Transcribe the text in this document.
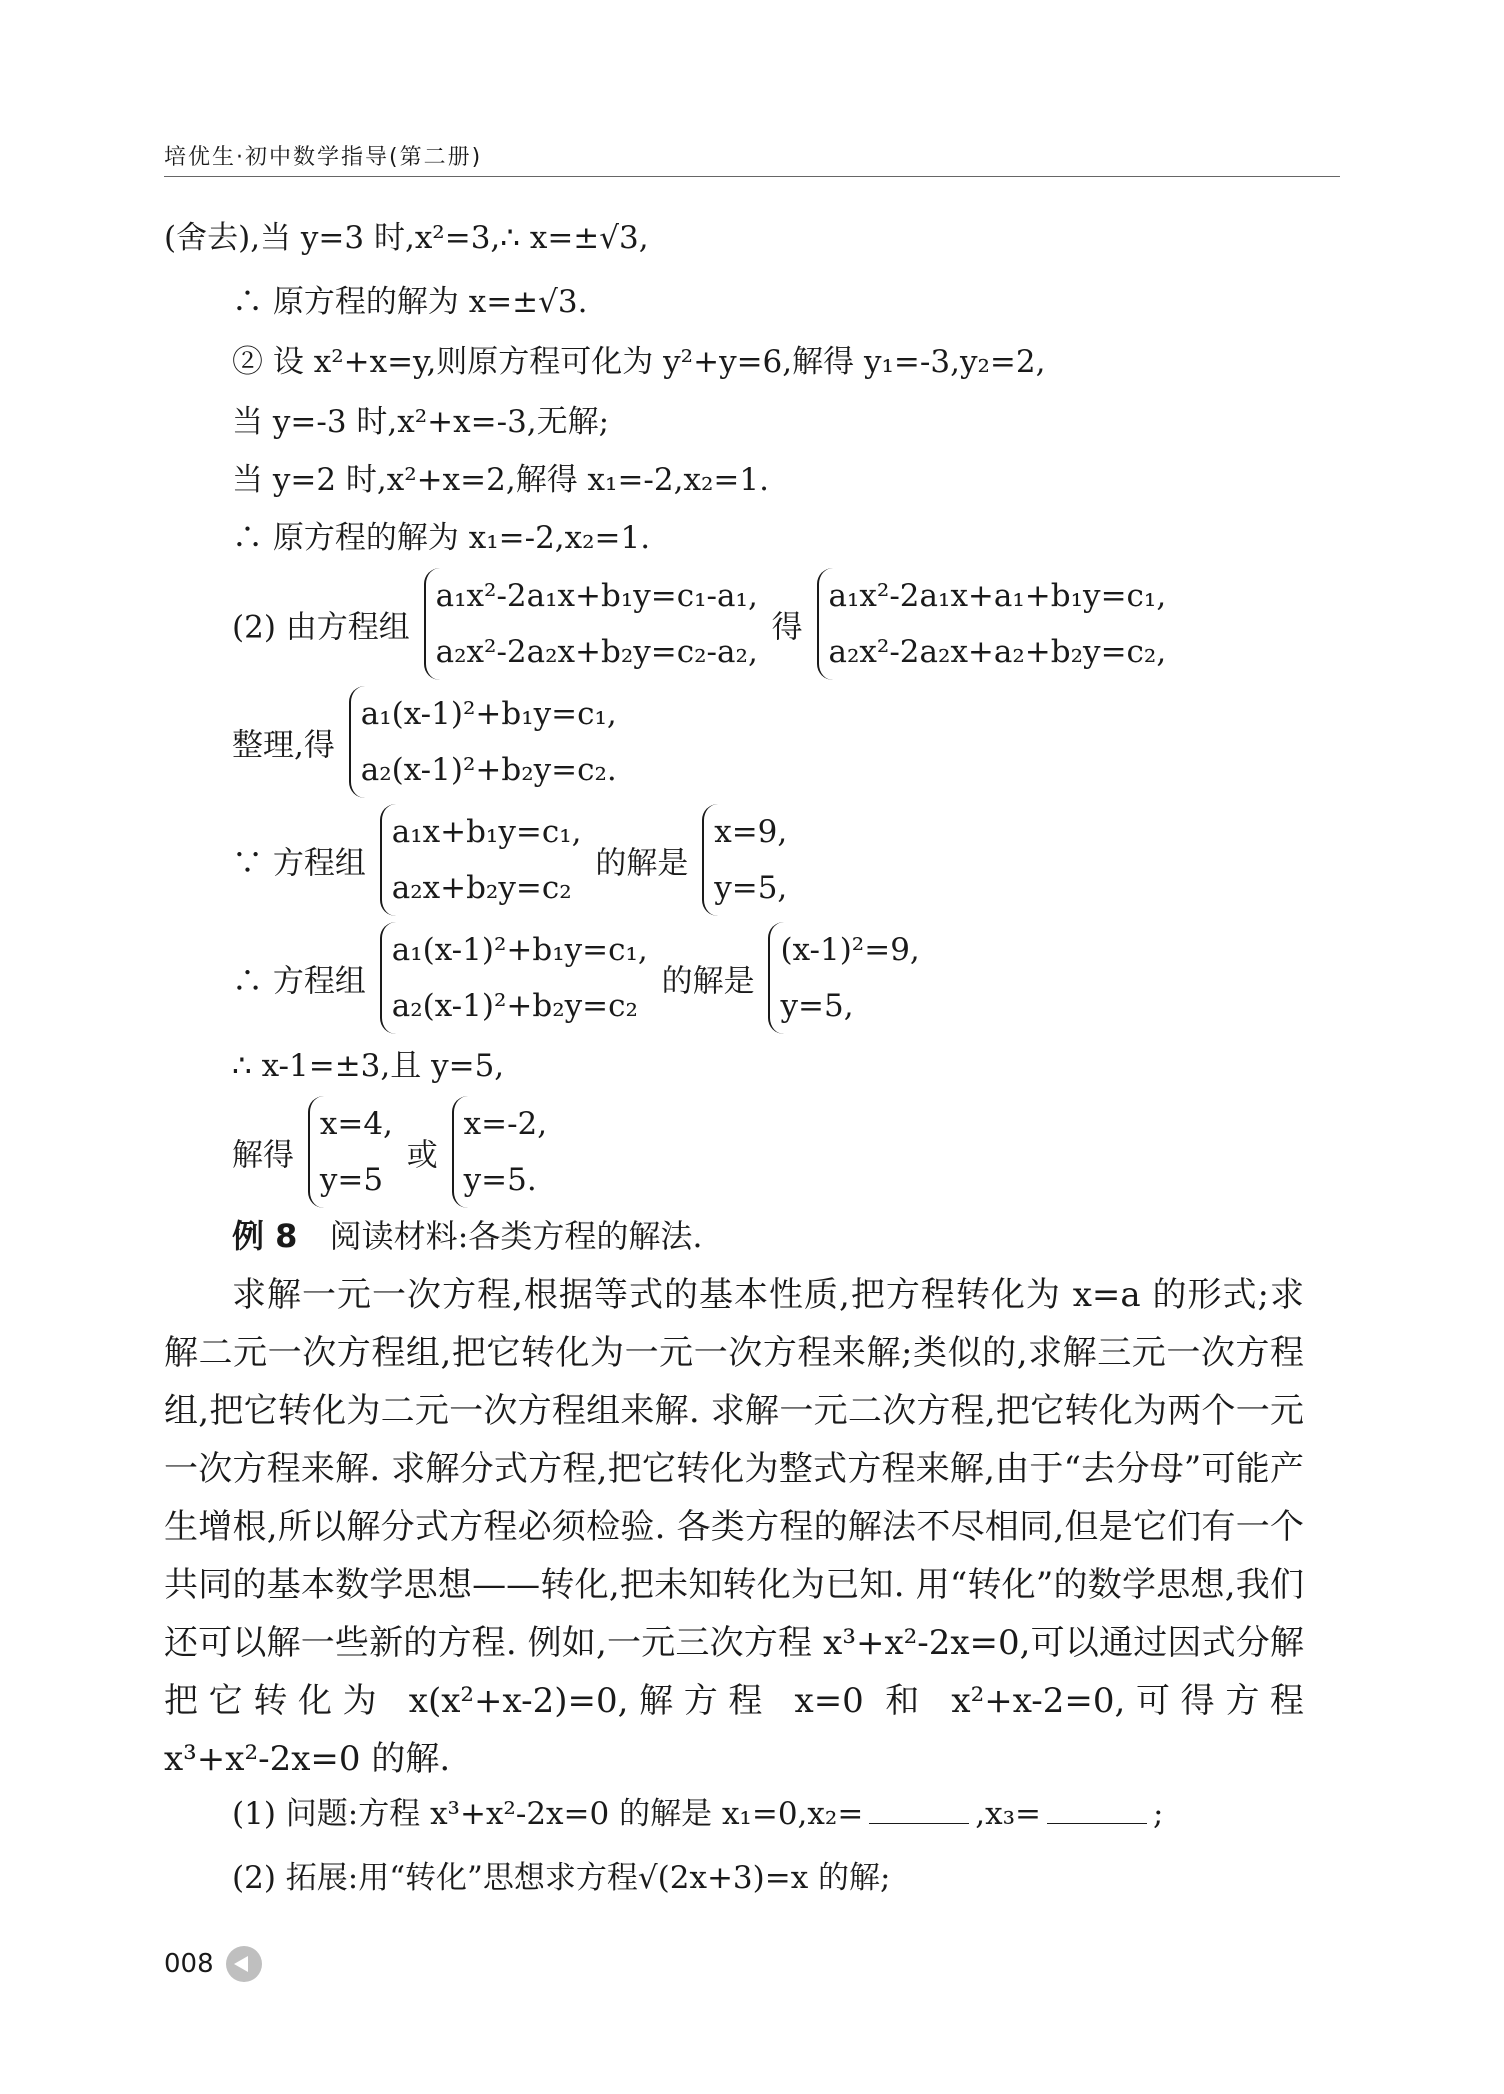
培优生·初中数学指导(第二册)
(舍去),当 y=3 时,x²=3,∴ x=±√3,
∴ 原方程的解为 x=±√3.
② 设 x²+x=y,则原方程可化为 y²+y=6,解得 y₁=-3,y₂=2,
当 y=-3 时,x²+x=-3,无解;
当 y=2 时,x²+x=2,解得 x₁=-2,x₂=1.
∴ 原方程的解为 x₁=-2,x₂=1.
(2) 由方程组
a₁x²-2a₁x+b₁y=c₁-a₁,
a₂x²-2a₂x+b₂y=c₂-a₂,
得
a₁x²-2a₁x+a₁+b₁y=c₁,
a₂x²-2a₂x+a₂+b₂y=c₂,
整理,得
a₁(x-1)²+b₁y=c₁,
a₂(x-1)²+b₂y=c₂.
∵ 方程组
a₁x+b₁y=c₁,
a₂x+b₂y=c₂
的解是
x=9,
y=5,
∴ 方程组
a₁(x-1)²+b₁y=c₁,
a₂(x-1)²+b₂y=c₂
的解是
(x-1)²=9,
y=5,
∴ x-1=±3,且 y=5,
解得
x=4,
y=5
或
x=-2,
y=5.
例 8 阅读材料:各类方程的解法.

求解一元一次方程,根据等式的基本性质,把方程转化为 x=a 的形式;求解二元一次方程组,把它转化为一元一次方程来解;类似的,求解三元一次方程组,把它转化为二元一次方程组来解. 求解一元二次方程,把它转化为两个一元一次方程来解. 求解分式方程,把它转化为整式方程来解,由于“去分母”可能产生增根,所以解分式方程必须检验. 各类方程的解法不尽相同,但是它们有一个共同的基本数学思想——转化,把未知转化为已知. 用“转化”的数学思想,我们还可以解一些新的方程. 例如,一元三次方程 x³+x²-2x=0,可以通过因式分解把它转化为 x(x²+x-2)=0,解方程 x=0 和 x²+x-2=0,可得方程 x³+x²-2x=0 的解.

(1) 问题:方程 x³+x²-2x=0 的解是 x₁=0,x₂=	,x₃=	;
(2) 拓展:用“转化”思想求方程√(2x+3)=x 的解;
008
